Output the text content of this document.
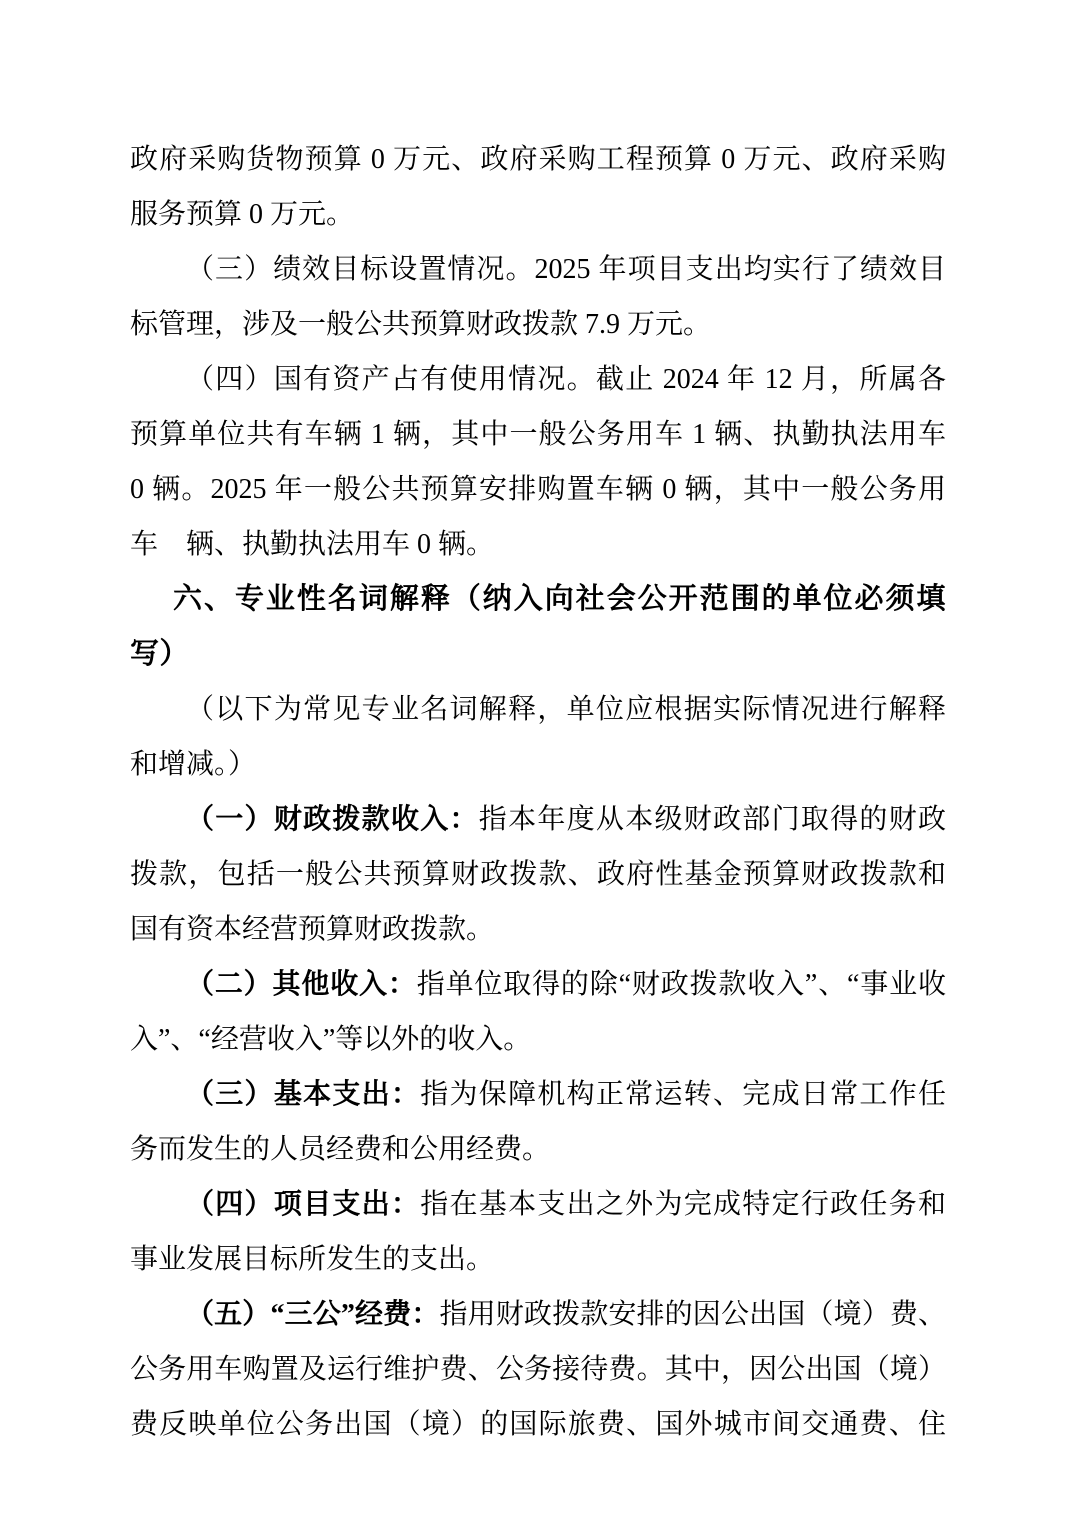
政府采购货物预算 0 万元、政府采购工程预算 0 万元、政府采购

服务预算 0 万元。

（三）绩效目标设置情况。2025 年项目支出均实行了绩效目

标管理，涉及一般公共预算财政拨款 7.9 万元。

（四）国有资产占有使用情况。截止 2024 年 12 月，所属各

预算单位共有车辆 1 辆，其中一般公务用车 1 辆、执勤执法用车

0 辆。2025 年一般公共预算安排购置车辆 0 辆，其中一般公务用

车　辆、执勤执法用车 0 辆。

六、专业性名词解释（纳入向社会公开范围的单位必须填写）

（以下为常见专业名词解释，单位应根据实际情况进行解释

和增减。）

（一）财政拨款收入：指本年度从本级财政部门取得的财政

拨款，包括一般公共预算财政拨款、政府性基金预算财政拨款和

国有资本经营预算财政拨款。

（二）其他收入：指单位取得的除“财政拨款收入”、“事业收

入”、“经营收入”等以外的收入。

（三）基本支出：指为保障机构正常运转、完成日常工作任

务而发生的人员经费和公用经费。

（四）项目支出：指在基本支出之外为完成特定行政任务和

事业发展目标所发生的支出。

（五）“三公”经费：指用财政拨款安排的因公出国（境）费、

公务用车购置及运行维护费、公务接待费。其中，因公出国（境）

费反映单位公务出国（境）的国际旅费、国外城市间交通费、住
